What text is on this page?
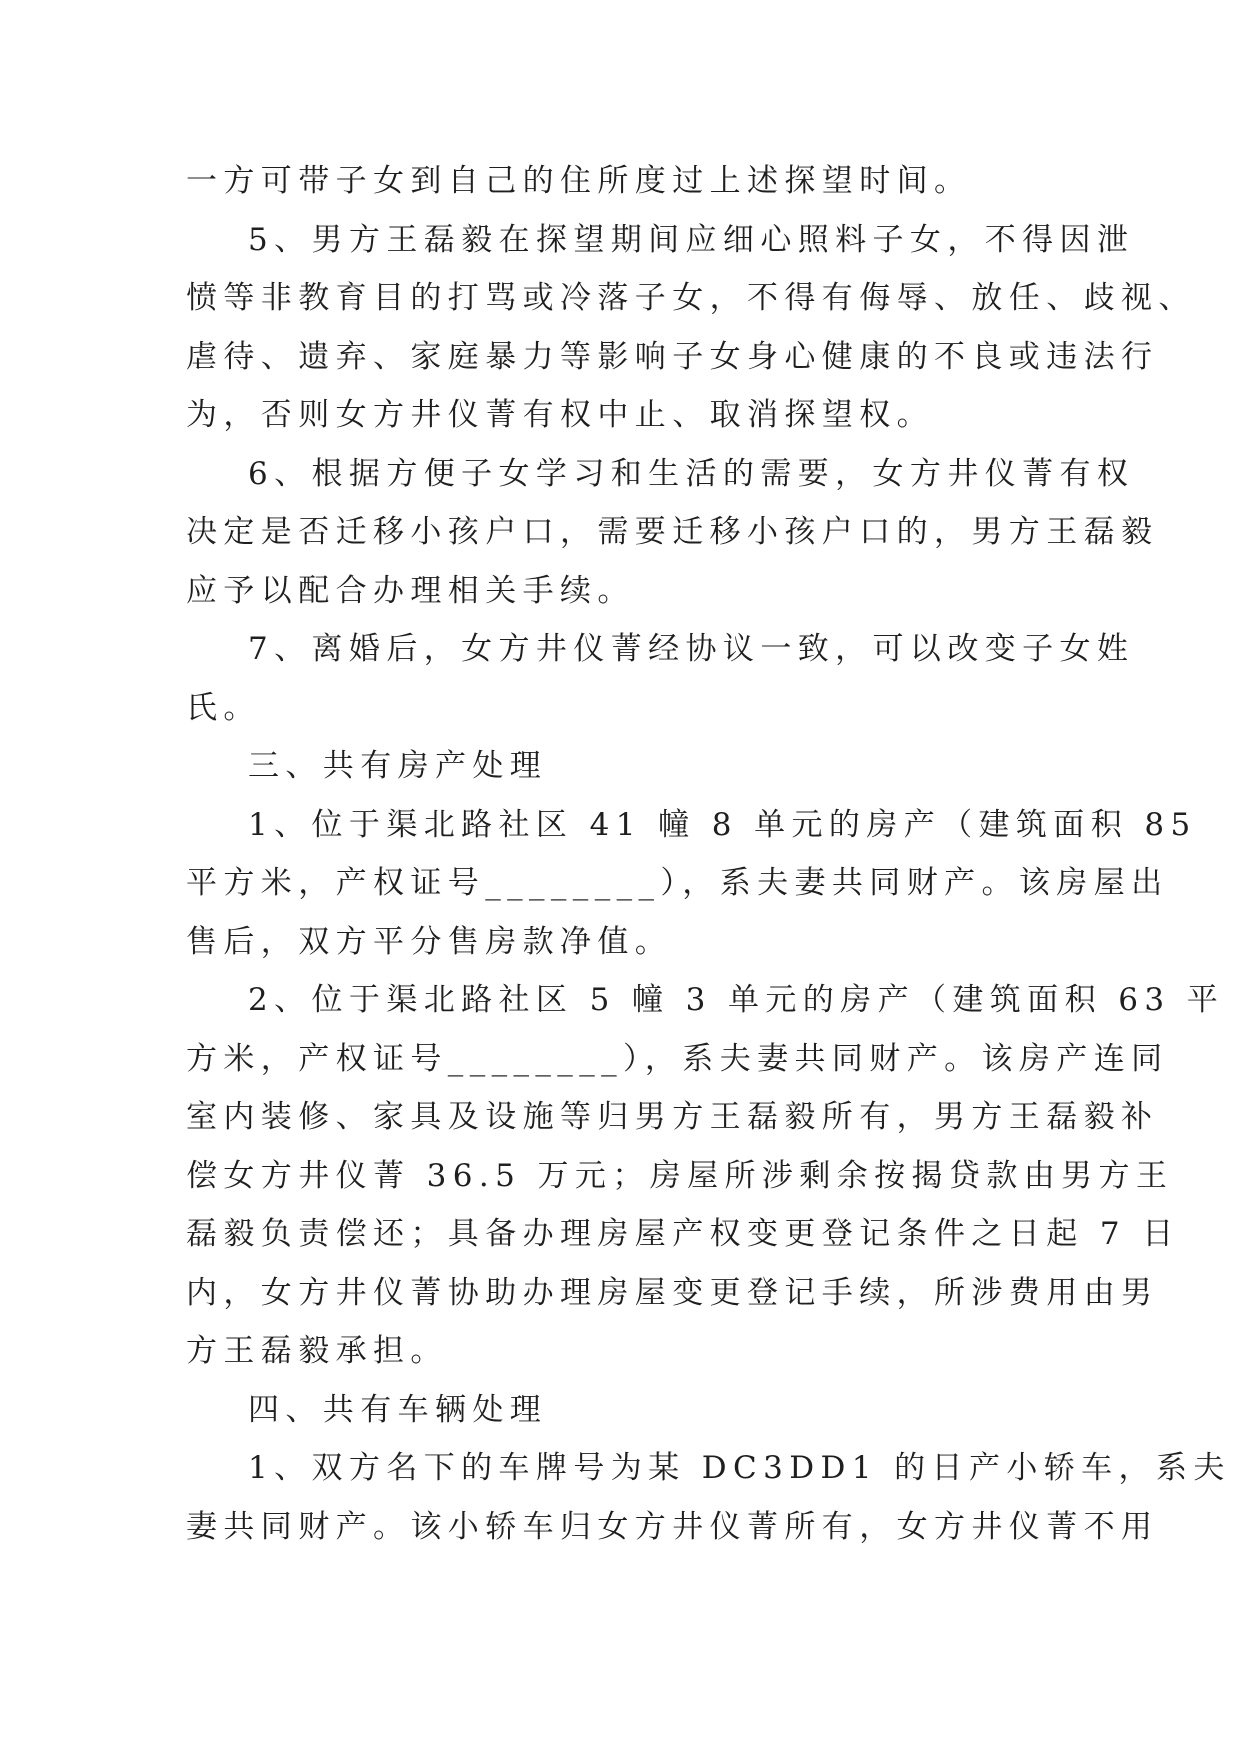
一方可带子女到自己的住所度过上述探望时间。

5、男方王磊毅在探望期间应细心照料子女，不得因泄

愤等非教育目的打骂或冷落子女，不得有侮辱、放任、歧视、

虐待、遗弃、家庭暴力等影响子女身心健康的不良或违法行

为，否则女方井仪菁有权中止、取消探望权。

6、根据方便子女学习和生活的需要，女方井仪菁有权

决定是否迁移小孩户口，需要迁移小孩户口的，男方王磊毅

应予以配合办理相关手续。

7、离婚后，女方井仪菁经协议一致，可以改变子女姓

氏。

三、共有房产处理

1、位于渠北路社区 41 幢 8 单元的房产（建筑面积 85

平方米，产权证号________），系夫妻共同财产。该房屋出

售后，双方平分售房款净值。

2、位于渠北路社区 5 幢 3 单元的房产（建筑面积 63 平

方米，产权证号________），系夫妻共同财产。该房产连同

室内装修、家具及设施等归男方王磊毅所有，男方王磊毅补

偿女方井仪菁 36.5 万元；房屋所涉剩余按揭贷款由男方王

磊毅负责偿还；具备办理房屋产权变更登记条件之日起 7 日

内，女方井仪菁协助办理房屋变更登记手续，所涉费用由男

方王磊毅承担。

四、共有车辆处理

1、双方名下的车牌号为某 DC3DD1 的日产小轿车，系夫

妻共同财产。该小轿车归女方井仪菁所有，女方井仪菁不用
